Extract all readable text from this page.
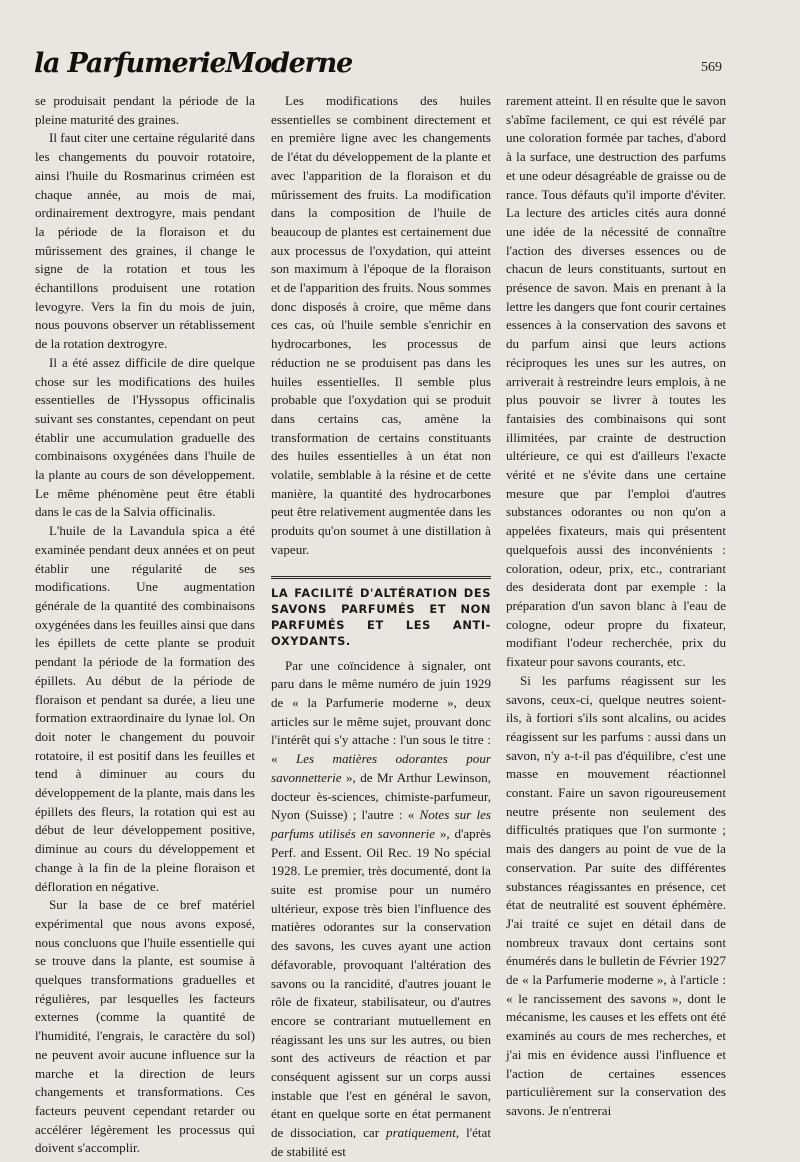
la ParfumerieModerne	569

se produisait pendant la période de la pleine maturité des graines.

Il faut citer une certaine régularité dans les changements du pouvoir rotatoire, ainsi l'huile du Rosmarinus criméen est chaque année, au mois de mai, ordinairement dextrogyre, mais pendant la période de la floraison et du mûrissement des graines, il change le signe de la rotation et tous les échantillons produisent une rotation levogyre. Vers la fin du mois de juin, nous pouvons observer un rétablissement de la rotation dextrogyre.

Il a été assez difficile de dire quelque chose sur les modifications des huiles essentielles de l'Hyssopus officinalis suivant ses constantes, cependant on peut établir une accumulation graduelle des combinaisons oxygénées dans l'huile de la plante au cours de son développement. Le même phénomène peut être établi dans le cas de la Salvia officinalis.

L'huile de la Lavandula spica a été examinée pendant deux années et on peut établir une régularité de ses modifications. Une augmentation générale de la quantité des combinaisons oxygénées dans les feuilles ainsi que dans les épillets de cette plante se produit pendant la période de la formation des épillets. Au début de la période de floraison et pendant sa durée, a lieu une formation extraordinaire du lynae lol. On doit noter le changement du pouvoir rotatoire, il est positif dans les feuilles et tend à diminuer au cours du développement de la plante, mais dans les épillets des fleurs, la rotation qui est au début de leur développement positive, diminue au cours du développement et change à la fin de la pleine floraison et défloration en négative.

Sur la base de ce bref matériel expérimental que nous avons exposé, nous concluons que l'huile essentielle qui se trouve dans la plante, est soumise à quelques transformations graduelles et régulières, par lesquelles les facteurs externes (comme la quantité de l'humidité, l'engrais, le caractère du sol) ne peuvent avoir aucune influence sur la marche et la direction de leurs changements et transformations. Ces facteurs peuvent cependant retarder ou accélérer légèrement les processus qui doivent s'accomplir.

Les modifications des huiles essentielles se combinent directement et en première ligne avec les changements de l'état du développement de la plante et avec l'apparition de la floraison et du mûrissement des fruits. La modification dans la composition de l'huile de beaucoup de plantes est certainement due aux processus de l'oxydation, qui atteint son maximum à l'époque de la floraison et de l'apparition des fruits. Nous sommes donc disposés à croire, que même dans ces cas, où l'huile semble s'enrichir en hydrocarbones, les processus de réduction ne se produisent pas dans les huiles essentielles. Il semble plus probable que l'oxydation qui se produit dans certains cas, amène la transformation de certains constituants des huiles essentielles à un état non volatile, semblable à la résine et de cette manière, la quantité des hydrocarbones peut être relativement augmentée dans les produits qu'on soumet à une distillation à vapeur.

LA FACILITÉ D'ALTÉRATION DES SAVONS PARFUMÉS ET NON PARFUMÉS ET LES ANTI-OXYDANTS.

Par une coïncidence à signaler, ont paru dans le même numéro de juin 1929 de « la Parfumerie moderne », deux articles sur le même sujet, prouvant donc l'intérêt qui s'y attache : l'un sous le titre : « Les matières odorantes pour savonnetterie », de Mr Arthur Lewinson, docteur ès-sciences, chimiste-parfumeur, Nyon (Suisse) ; l'autre : « Notes sur les parfums utilisés en savonnerie », d'après Perf. and Essent. Oil Rec. 19 No spécial 1928. Le premier, très documenté, dont la suite est promise pour un numéro ultérieur, expose très bien l'influence des matières odorantes sur la conservation des savons, les cuves ayant une action défavorable, provoquant l'altération des savons ou la rancidité, d'autres jouant le rôle de fixateur, stabilisateur, ou d'autres encore se contrariant mutuellement en réagissant les uns sur les autres, ou bien sont des activeurs de réaction et par conséquent agissent sur un corps aussi instable que l'est en général le savon, étant en quelque sorte en état permanent de dissociation, car pratiquement, l'état de stabilité est

rarement atteint. Il en résulte que le savon s'abîme facilement, ce qui est révélé par une coloration formée par taches, d'abord à la surface, une destruction des parfums et une odeur désagréable de graisse ou de rance. Tous défauts qu'il importe d'éviter. La lecture des articles cités aura donné une idée de la nécessité de connaître l'action des diverses essences ou de chacun de leurs constituants, surtout en présence de savon. Mais en prenant à la lettre les dangers que font courir certaines essences à la conservation des savons et du parfum ainsi que leurs actions réciproques les unes sur les autres, on arriverait à restreindre leurs emplois, à ne plus pouvoir se livrer à toutes les fantaisies des combinaisons qui sont illimitées, par crainte de destruction ultérieure, ce qui est d'ailleurs l'exacte vérité et ne s'évite dans une certaine mesure que par l'emploi d'autres substances odorantes ou non qu'on a appelées fixateurs, mais qui présentent quelquefois aussi des inconvénients : coloration, odeur, prix, etc., contrariant des desiderata dont par exemple : la préparation d'un savon blanc à l'eau de cologne, odeur propre du fixateur, modifiant l'odeur recherchée, prix du fixateur pour savons courants, etc.

Si les parfums réagissent sur les savons, ceux-ci, quelque neutres soient-ils, à fortiori s'ils sont alcalins, ou acides réagissent sur les parfums : aussi dans un savon, n'y a-t-il pas d'équilibre, c'est une masse en mouvement réactionnel constant. Faire un savon rigoureusement neutre présente non seulement des difficultés pratiques que l'on surmonte ; mais des dangers au point de vue de la conservation. Par suite des différentes substances réagissantes en présence, cet état de neutralité est souvent éphémère. J'ai traité ce sujet en détail dans de nombreux travaux dont certains sont énumérés dans le bulletin de Février 1927 de « la Parfumerie moderne », à l'article : « le rancissement des savons », dont le mécanisme, les causes et les effets ont été examinés au cours de mes recherches, et j'ai mis en évidence aussi l'influence et l'action de certaines essences particulièrement sur la conservation des savons. Je n'entrerai
